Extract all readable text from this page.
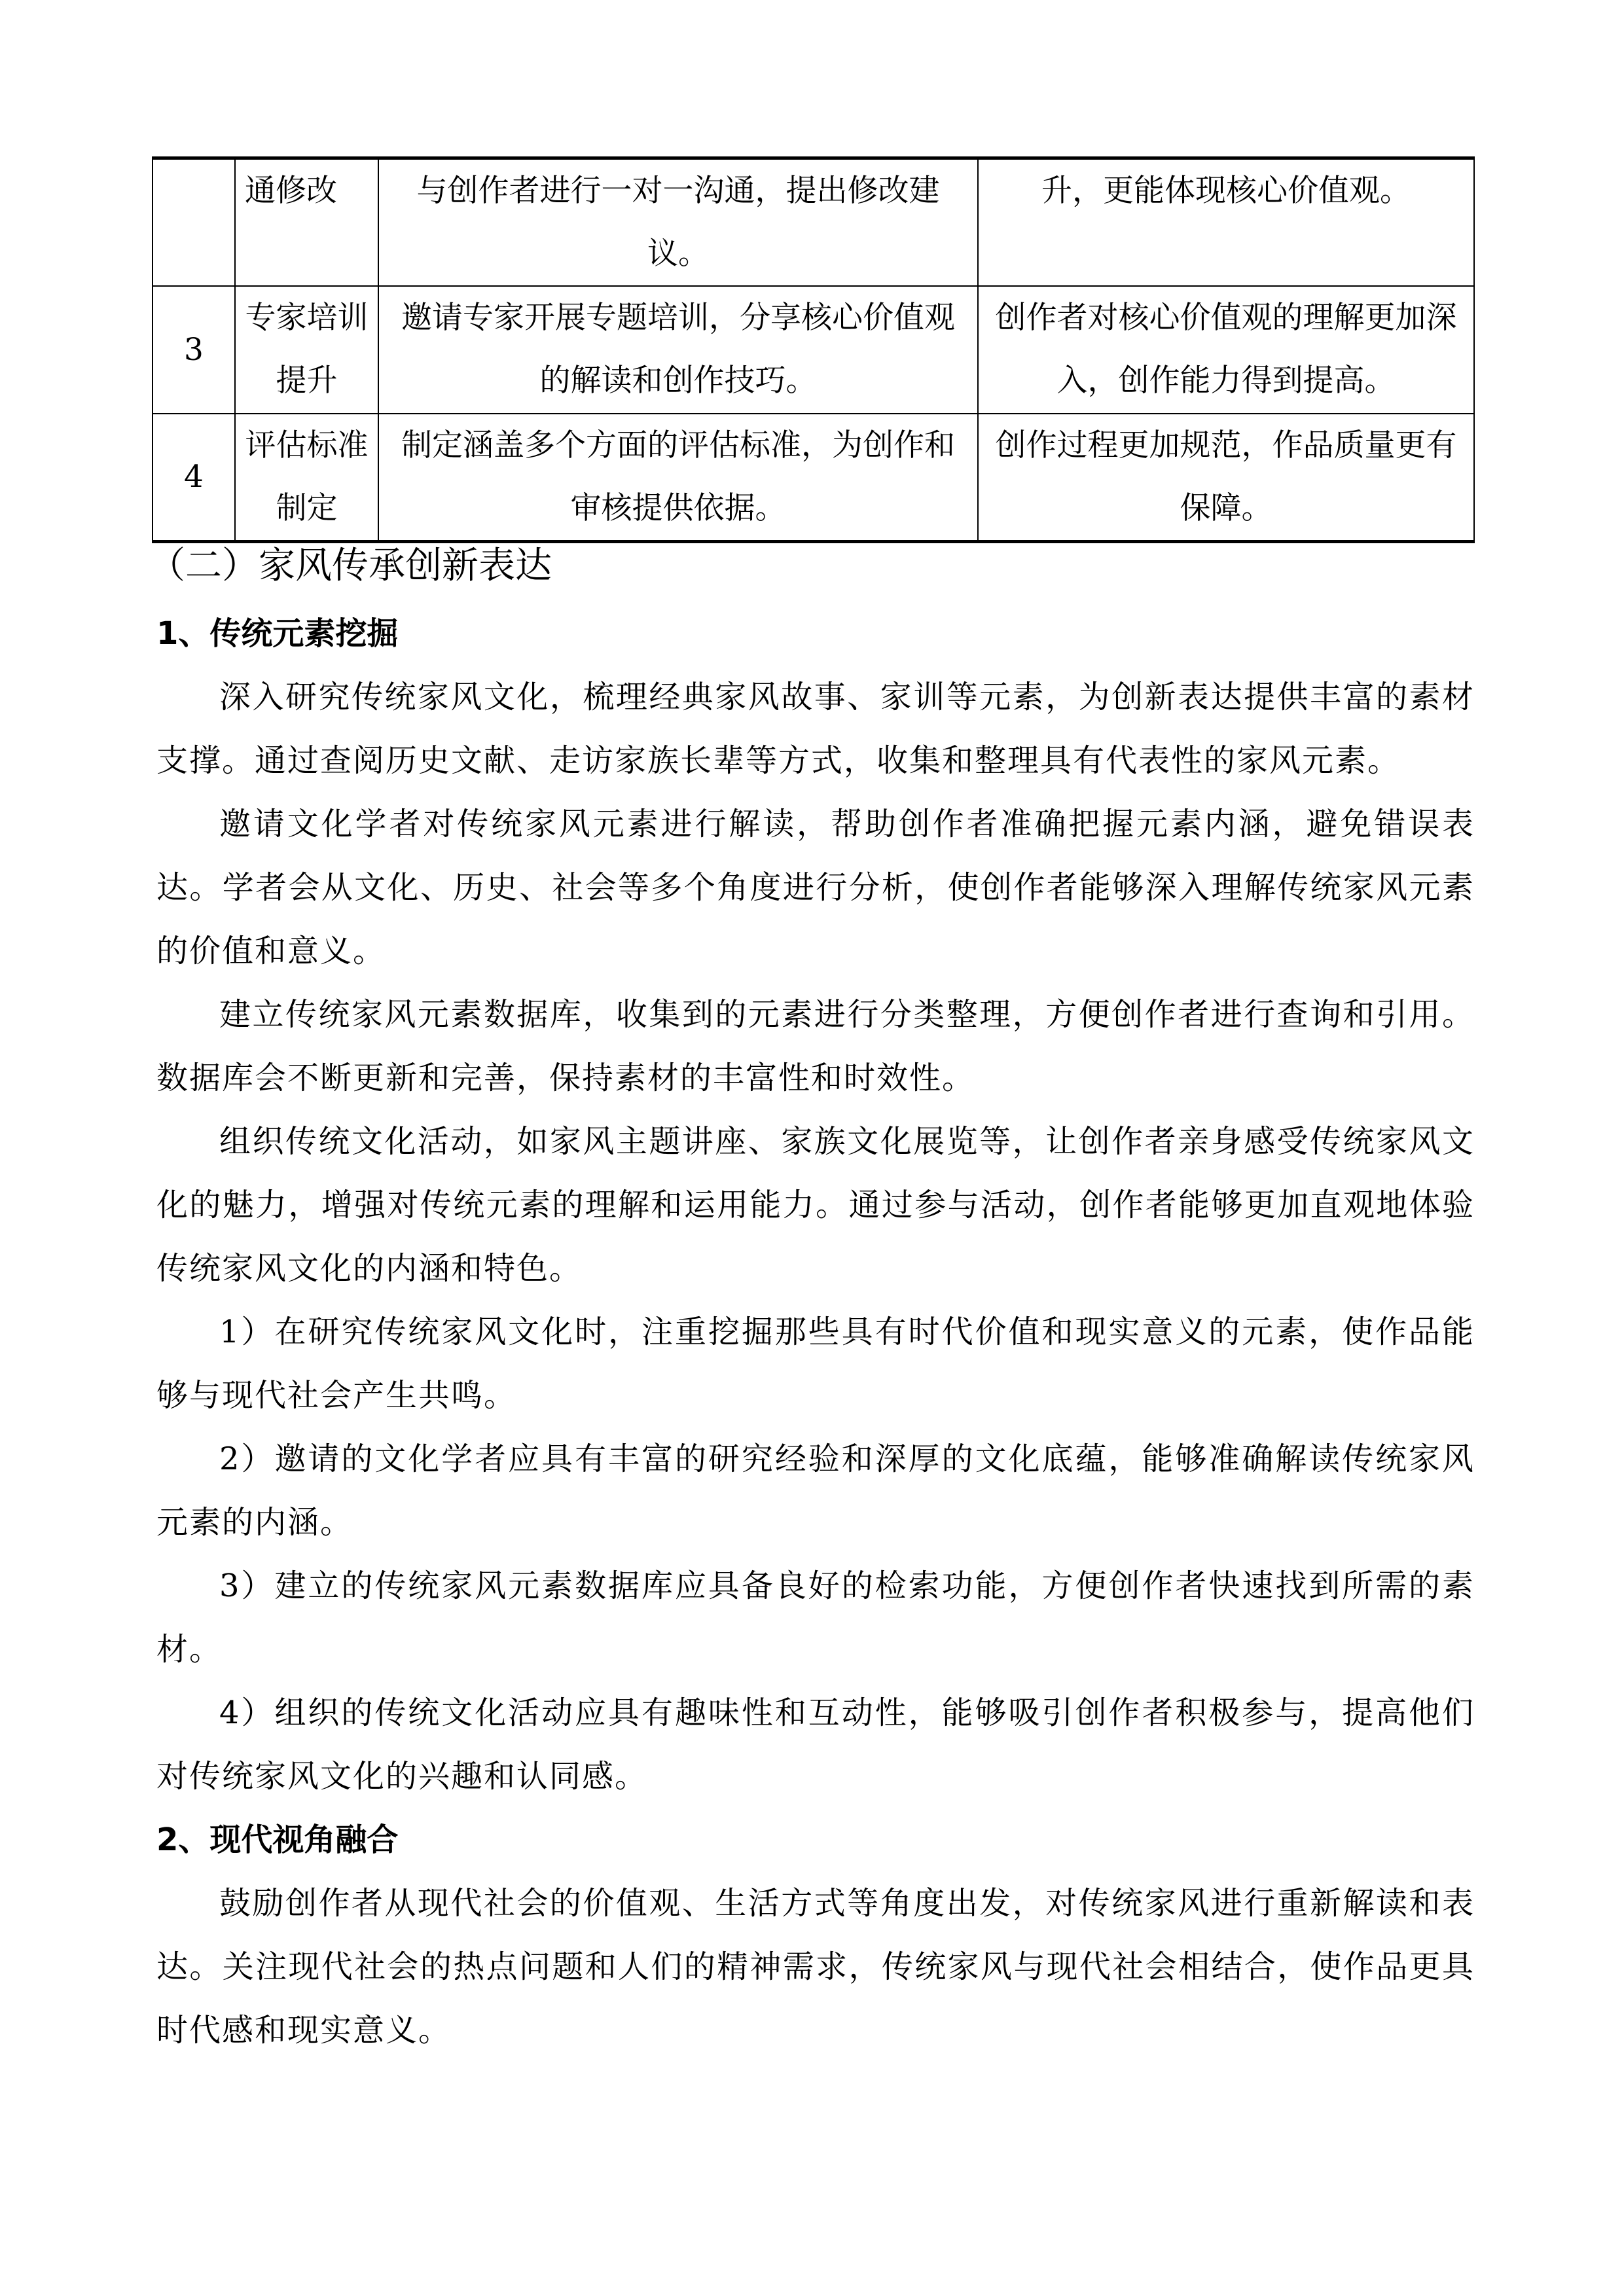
	通修改	与创作者进行一对一沟通，提出修改建议。	升，更能体现核心价值观。
3	专家培训提升	邀请专家开展专题培训，分享核心价值观的解读和创作技巧。	创作者对核心价值观的理解更加深入，创作能力得到提高。
4	评估标准制定	制定涵盖多个方面的评估标准，为创作和审核提供依据。	创作过程更加规范，作品质量更有保障。
（二）家风传承创新表达
1、传统元素挖掘

深入研究传统家风文化，梳理经典家风故事、家训等元素，为创新表达提供丰富的素材支撑。通过查阅历史文献、走访家族长辈等方式，收集和整理具有代表性的家风元素。

邀请文化学者对传统家风元素进行解读，帮助创作者准确把握元素内涵，避免错误表达。学者会从文化、历史、社会等多个角度进行分析，使创作者能够深入理解传统家风元素的价值和意义。

建立传统家风元素数据库，收集到的元素进行分类整理，方便创作者进行查询和引用。数据库会不断更新和完善，保持素材的丰富性和时效性。

组织传统文化活动，如家风主题讲座、家族文化展览等，让创作者亲身感受传统家风文化的魅力，增强对传统元素的理解和运用能力。通过参与活动，创作者能够更加直观地体验传统家风文化的内涵和特色。

1）在研究传统家风文化时，注重挖掘那些具有时代价值和现实意义的元素，使作品能够与现代社会产生共鸣。

2）邀请的文化学者应具有丰富的研究经验和深厚的文化底蕴，能够准确解读传统家风元素的内涵。

3）建立的传统家风元素数据库应具备良好的检索功能，方便创作者快速找到所需的素材。

4）组织的传统文化活动应具有趣味性和互动性，能够吸引创作者积极参与，提高他们对传统家风文化的兴趣和认同感。

2、现代视角融合

鼓励创作者从现代社会的价值观、生活方式等角度出发，对传统家风进行重新解读和表达。关注现代社会的热点问题和人们的精神需求，传统家风与现代社会相结合，使作品更具时代感和现实意义。
